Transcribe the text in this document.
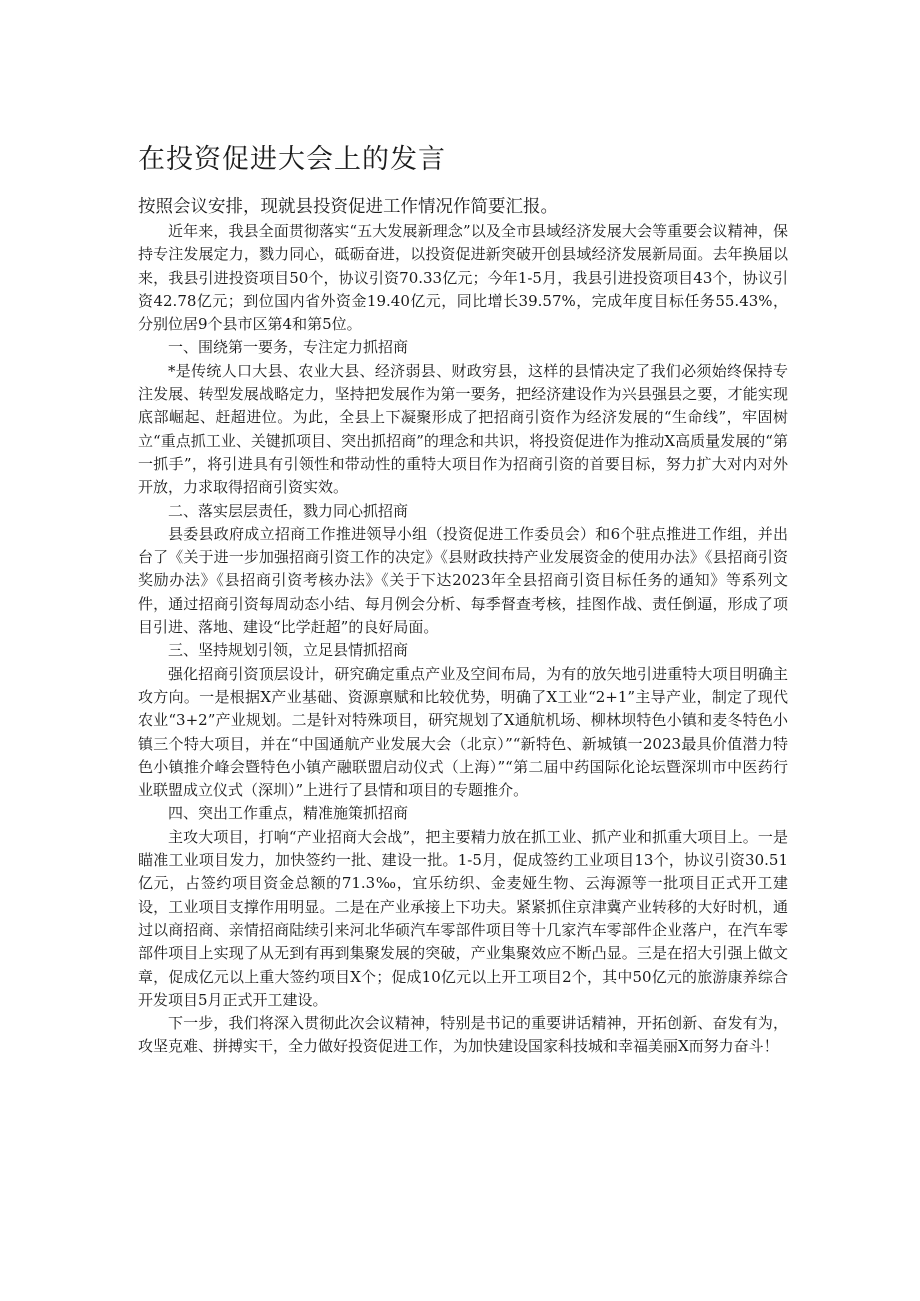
在投资促进大会上的发言

按照会议安排，现就县投资促进工作情况作简要汇报。

近年来，我县全面贯彻落实“五大发展新理念”以及全市县域经济发展大会等重要会议精神，保持专注发展定力，戮力同心，砥砺奋进，以投资促进新突破开创县域经济发展新局面。去年换届以来，我县引进投资项目50个，协议引资70.33亿元；今年1-5月，我县引进投资项目43个，协议引资42.78亿元；到位国内省外资金19.40亿元，同比增长39.57%，完成年度目标任务55.43%，分别位居9个县市区第4和第5位。

一、围绕第一要务，专注定力抓招商

*是传统人口大县、农业大县、经济弱县、财政穷县，这样的县情决定了我们必须始终保持专注发展、转型发展战略定力，坚持把发展作为第一要务，把经济建设作为兴县强县之要，才能实现底部崛起、赶超进位。为此，全县上下凝聚形成了把招商引资作为经济发展的“生命线”，牢固树立“重点抓工业、关键抓项目、突出抓招商”的理念和共识，将投资促进作为推动X高质量发展的“第一抓手”，将引进具有引领性和带动性的重特大项目作为招商引资的首要目标，努力扩大对内对外开放，力求取得招商引资实效。

二、落实层层责任，戮力同心抓招商

县委县政府成立招商工作推进领导小组（投资促进工作委员会）和6个驻点推进工作组，并出台了《关于进一步加强招商引资工作的决定》《县财政扶持产业发展资金的使用办法》《县招商引资奖励办法》《县招商引资考核办法》《关于下达2023年全县招商引资目标任务的通知》等系列文件，通过招商引资每周动态小结、每月例会分析、每季督查考核，挂图作战、责任倒逼，形成了项目引进、落地、建设“比学赶超”的良好局面。

三、坚持规划引领，立足县情抓招商

强化招商引资顶层设计，研究确定重点产业及空间布局，为有的放矢地引进重特大项目明确主攻方向。一是根据X产业基础、资源禀赋和比较优势，明确了X工业“2+1”主导产业，制定了现代农业“3+2”产业规划。二是针对特殊项目，研究规划了X通航机场、柳林坝特色小镇和麦冬特色小镇三个特大项目，并在“中国通航产业发展大会（北京）”“新特色、新城镇一2023最具价值潜力特色小镇推介峰会暨特色小镇产融联盟启动仪式（上海）”“第二届中药国际化论坛暨深圳市中医药行业联盟成立仪式（深圳）”上进行了县情和项目的专题推介。

四、突出工作重点，精准施策抓招商

主攻大项目，打响“产业招商大会战”，把主要精力放在抓工业、抓产业和抓重大项目上。一是瞄准工业项目发力，加快签约一批、建设一批。1-5月，促成签约工业项目13个，协议引资30.51亿元，占签约项目资金总额的71.3‰，宜乐纺织、金麦娅生物、云海源等一批项目正式开工建设，工业项目支撑作用明显。二是在产业承接上下功夫。紧紧抓住京津冀产业转移的大好时机，通过以商招商、亲情招商陆续引来河北华硕汽车零部件项目等十几家汽车零部件企业落户，在汽车零部件项目上实现了从无到有再到集聚发展的突破，产业集聚效应不断凸显。三是在招大引强上做文章，促成亿元以上重大签约项目X个；促成10亿元以上开工项目2个，其中50亿元的旅游康养综合开发项目5月正式开工建设。

下一步，我们将深入贯彻此次会议精神，特别是书记的重要讲话精神，开拓创新、奋发有为，攻坚克难、拼搏实干，全力做好投资促进工作，为加快建设国家科技城和幸福美丽X而努力奋斗！
